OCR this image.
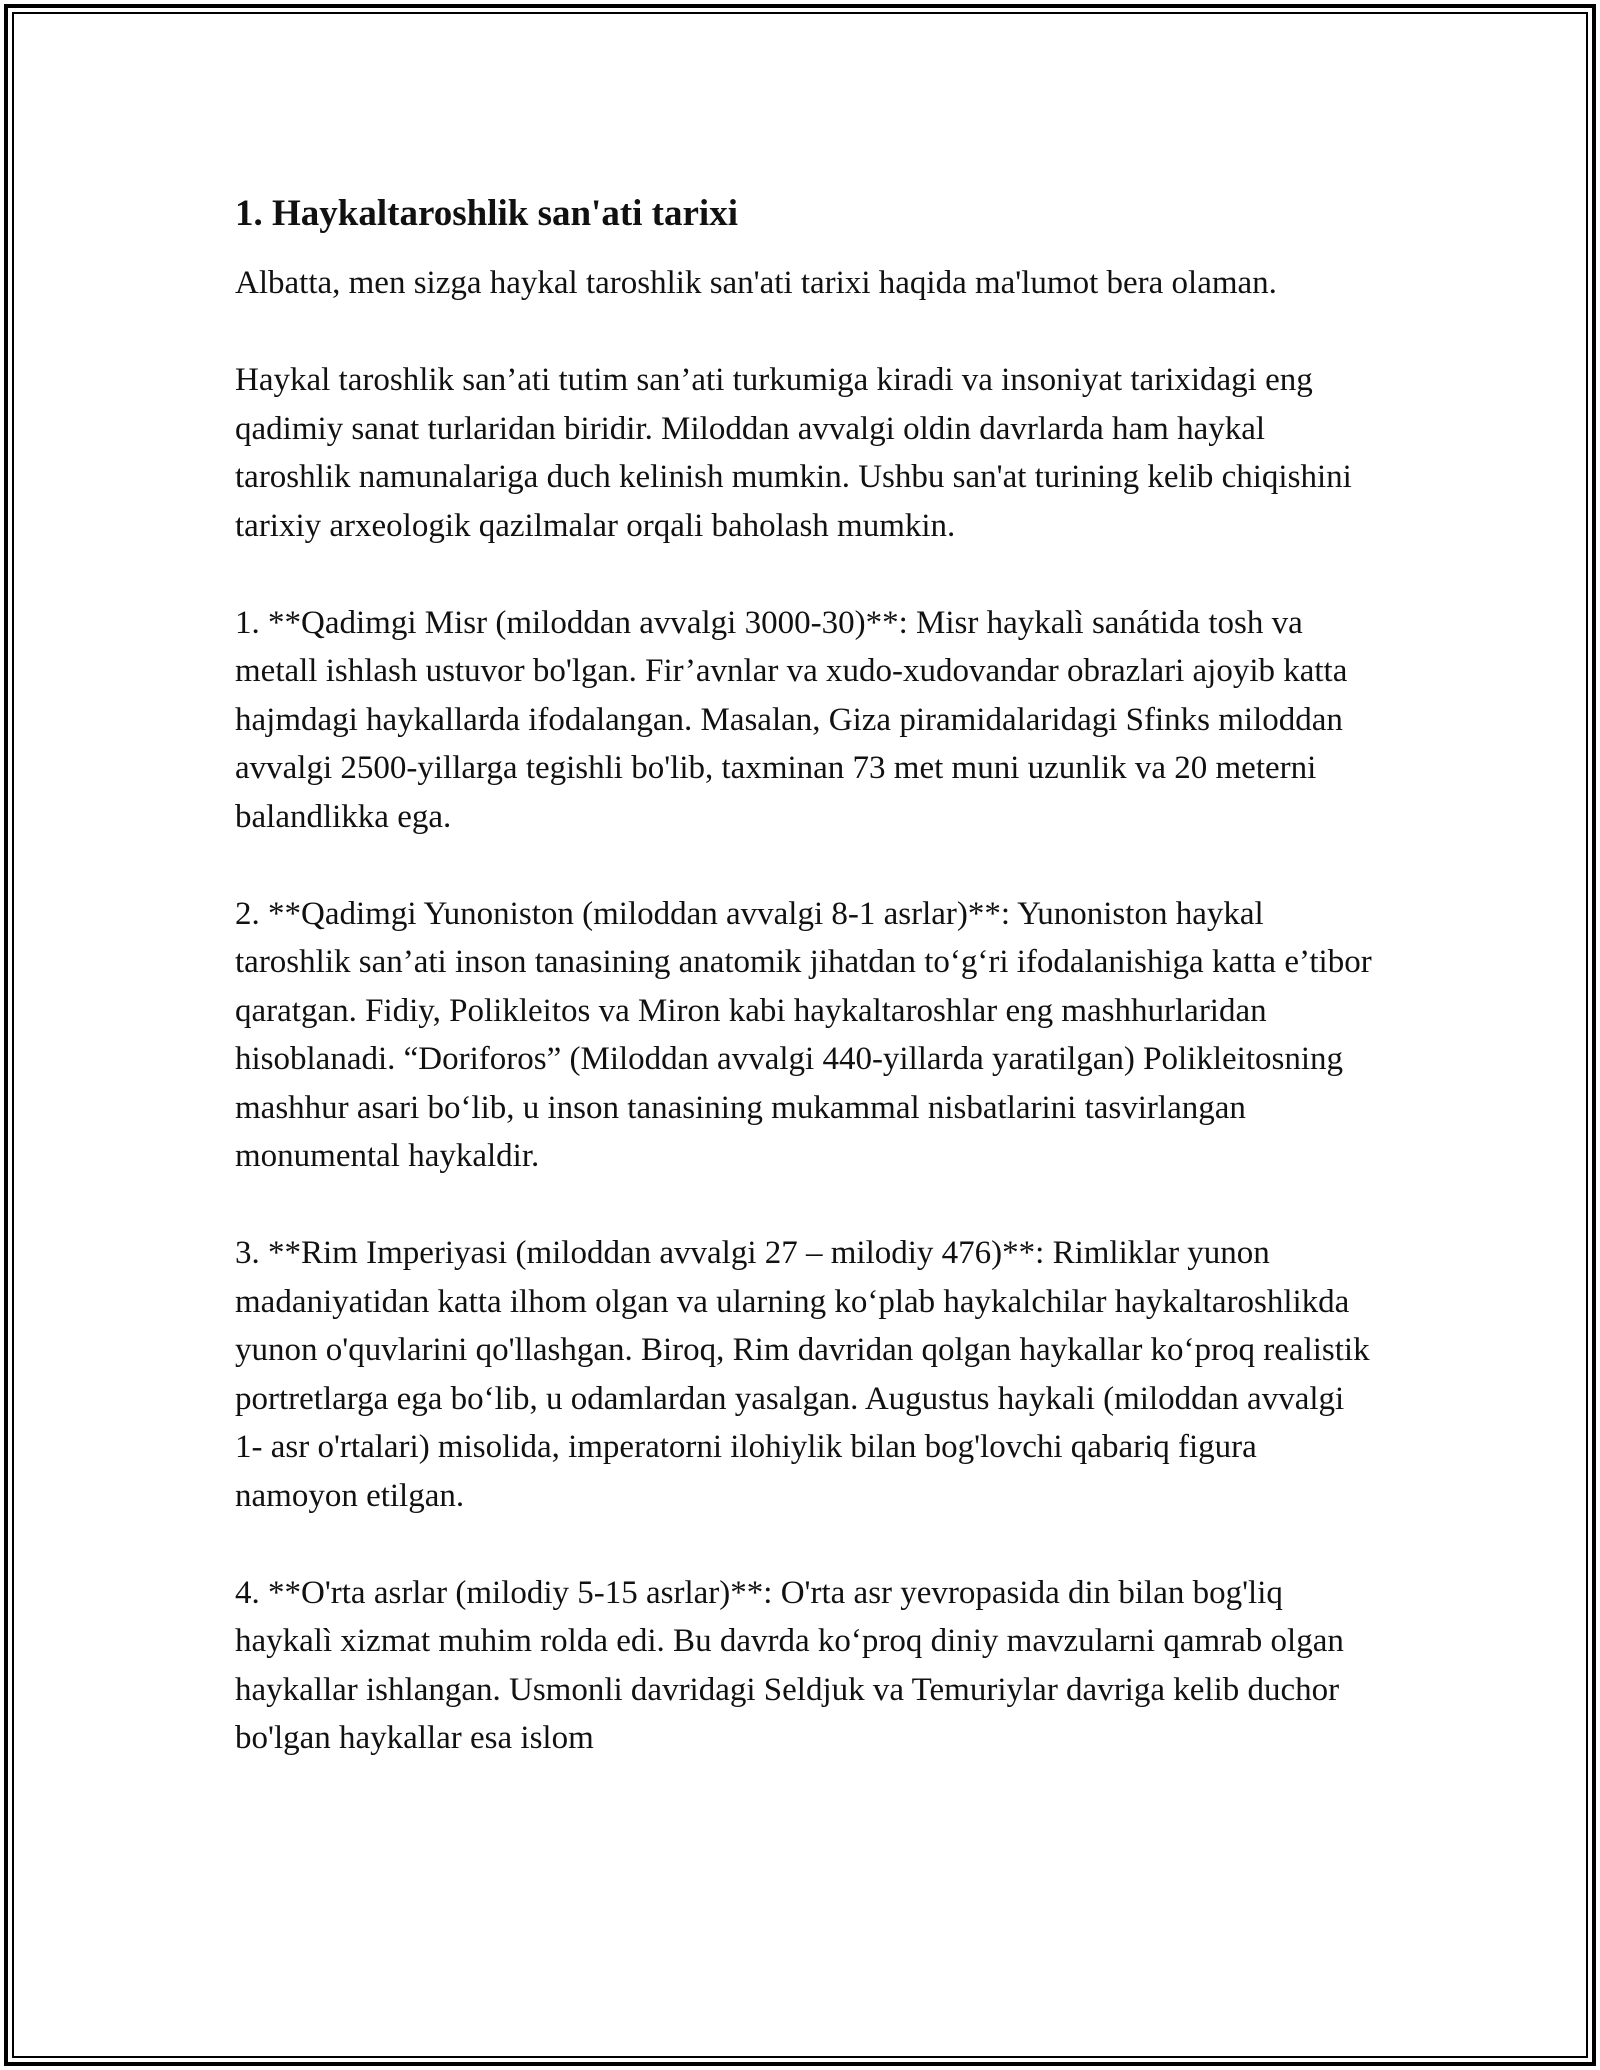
1. Haykaltaroshlik san'ati tarixi

Albatta, men sizga haykal taroshlik san'ati tarixi haqida ma'lumot bera olaman.

Haykal taroshlik san’ati tutim san’ati turkumiga kiradi va insoniyat tarixidagi eng qadimiy sanat turlaridan biridir. Miloddan avvalgi oldin davrlarda ham haykal taroshlik namunalariga duch kelinish mumkin. Ushbu san'at turining kelib chiqishini tarixiy arxeologik qazilmalar orqali baholash mumkin.

1. **Qadimgi Misr (miloddan avvalgi 3000-30)**: Misr haykalì sanátida tosh va metall ishlash ustuvor bo'lgan. Fir’avnlar va xudo-xudovandar obrazlari ajoyib katta hajmdagi haykallarda ifodalangan. Masalan, Giza piramidalaridagi Sfinks miloddan avvalgi 2500-yillarga tegishli bo'lib, taxminan 73 met muni uzunlik va 20 meterni balandlikka ega.

2. **Qadimgi Yunoniston (miloddan avvalgi 8-1 asrlar)**: Yunoniston haykal taroshlik san’ati inson tanasining anatomik jihatdan to‘g‘ri ifodalanishiga katta e’tibor qaratgan. Fidiy, Polikleitos va Miron kabi haykaltaroshlar eng mashhurlaridan hisoblanadi. “Doriforos” (Miloddan avvalgi 440-yillarda yaratilgan) Polikleitosning mashhur asari bo‘lib, u inson tanasining mukammal nisbatlarini tasvirlangan monumental haykaldir.

3. **Rim Imperiyasi (miloddan avvalgi 27 – milodiy 476)**: Rimliklar yunon madaniyatidan katta ilhom olgan va ularning ko‘plab haykalchilar haykaltaroshlikda yunon o'quvlarini qo'llashgan. Biroq, Rim davridan qolgan haykallar ko‘proq realistik portretlarga ega bo‘lib, u odamlardan yasalgan. Augustus haykali (miloddan avvalgi 1- asr o'rtalari) misolida, imperatorni ilohiylik bilan bog'lovchi qabariq figura namoyon etilgan.

4. **O'rta asrlar (milodiy 5-15 asrlar)**: O'rta asr yevropasida din bilan bog'liq haykalì xizmat muhim rolda edi. Bu davrda ko‘proq diniy mavzularni qamrab olgan haykallar ishlangan. Usmonli davridagi Seldjuk va Temuriylar davriga kelib duchor bo'lgan haykallar esa islom
